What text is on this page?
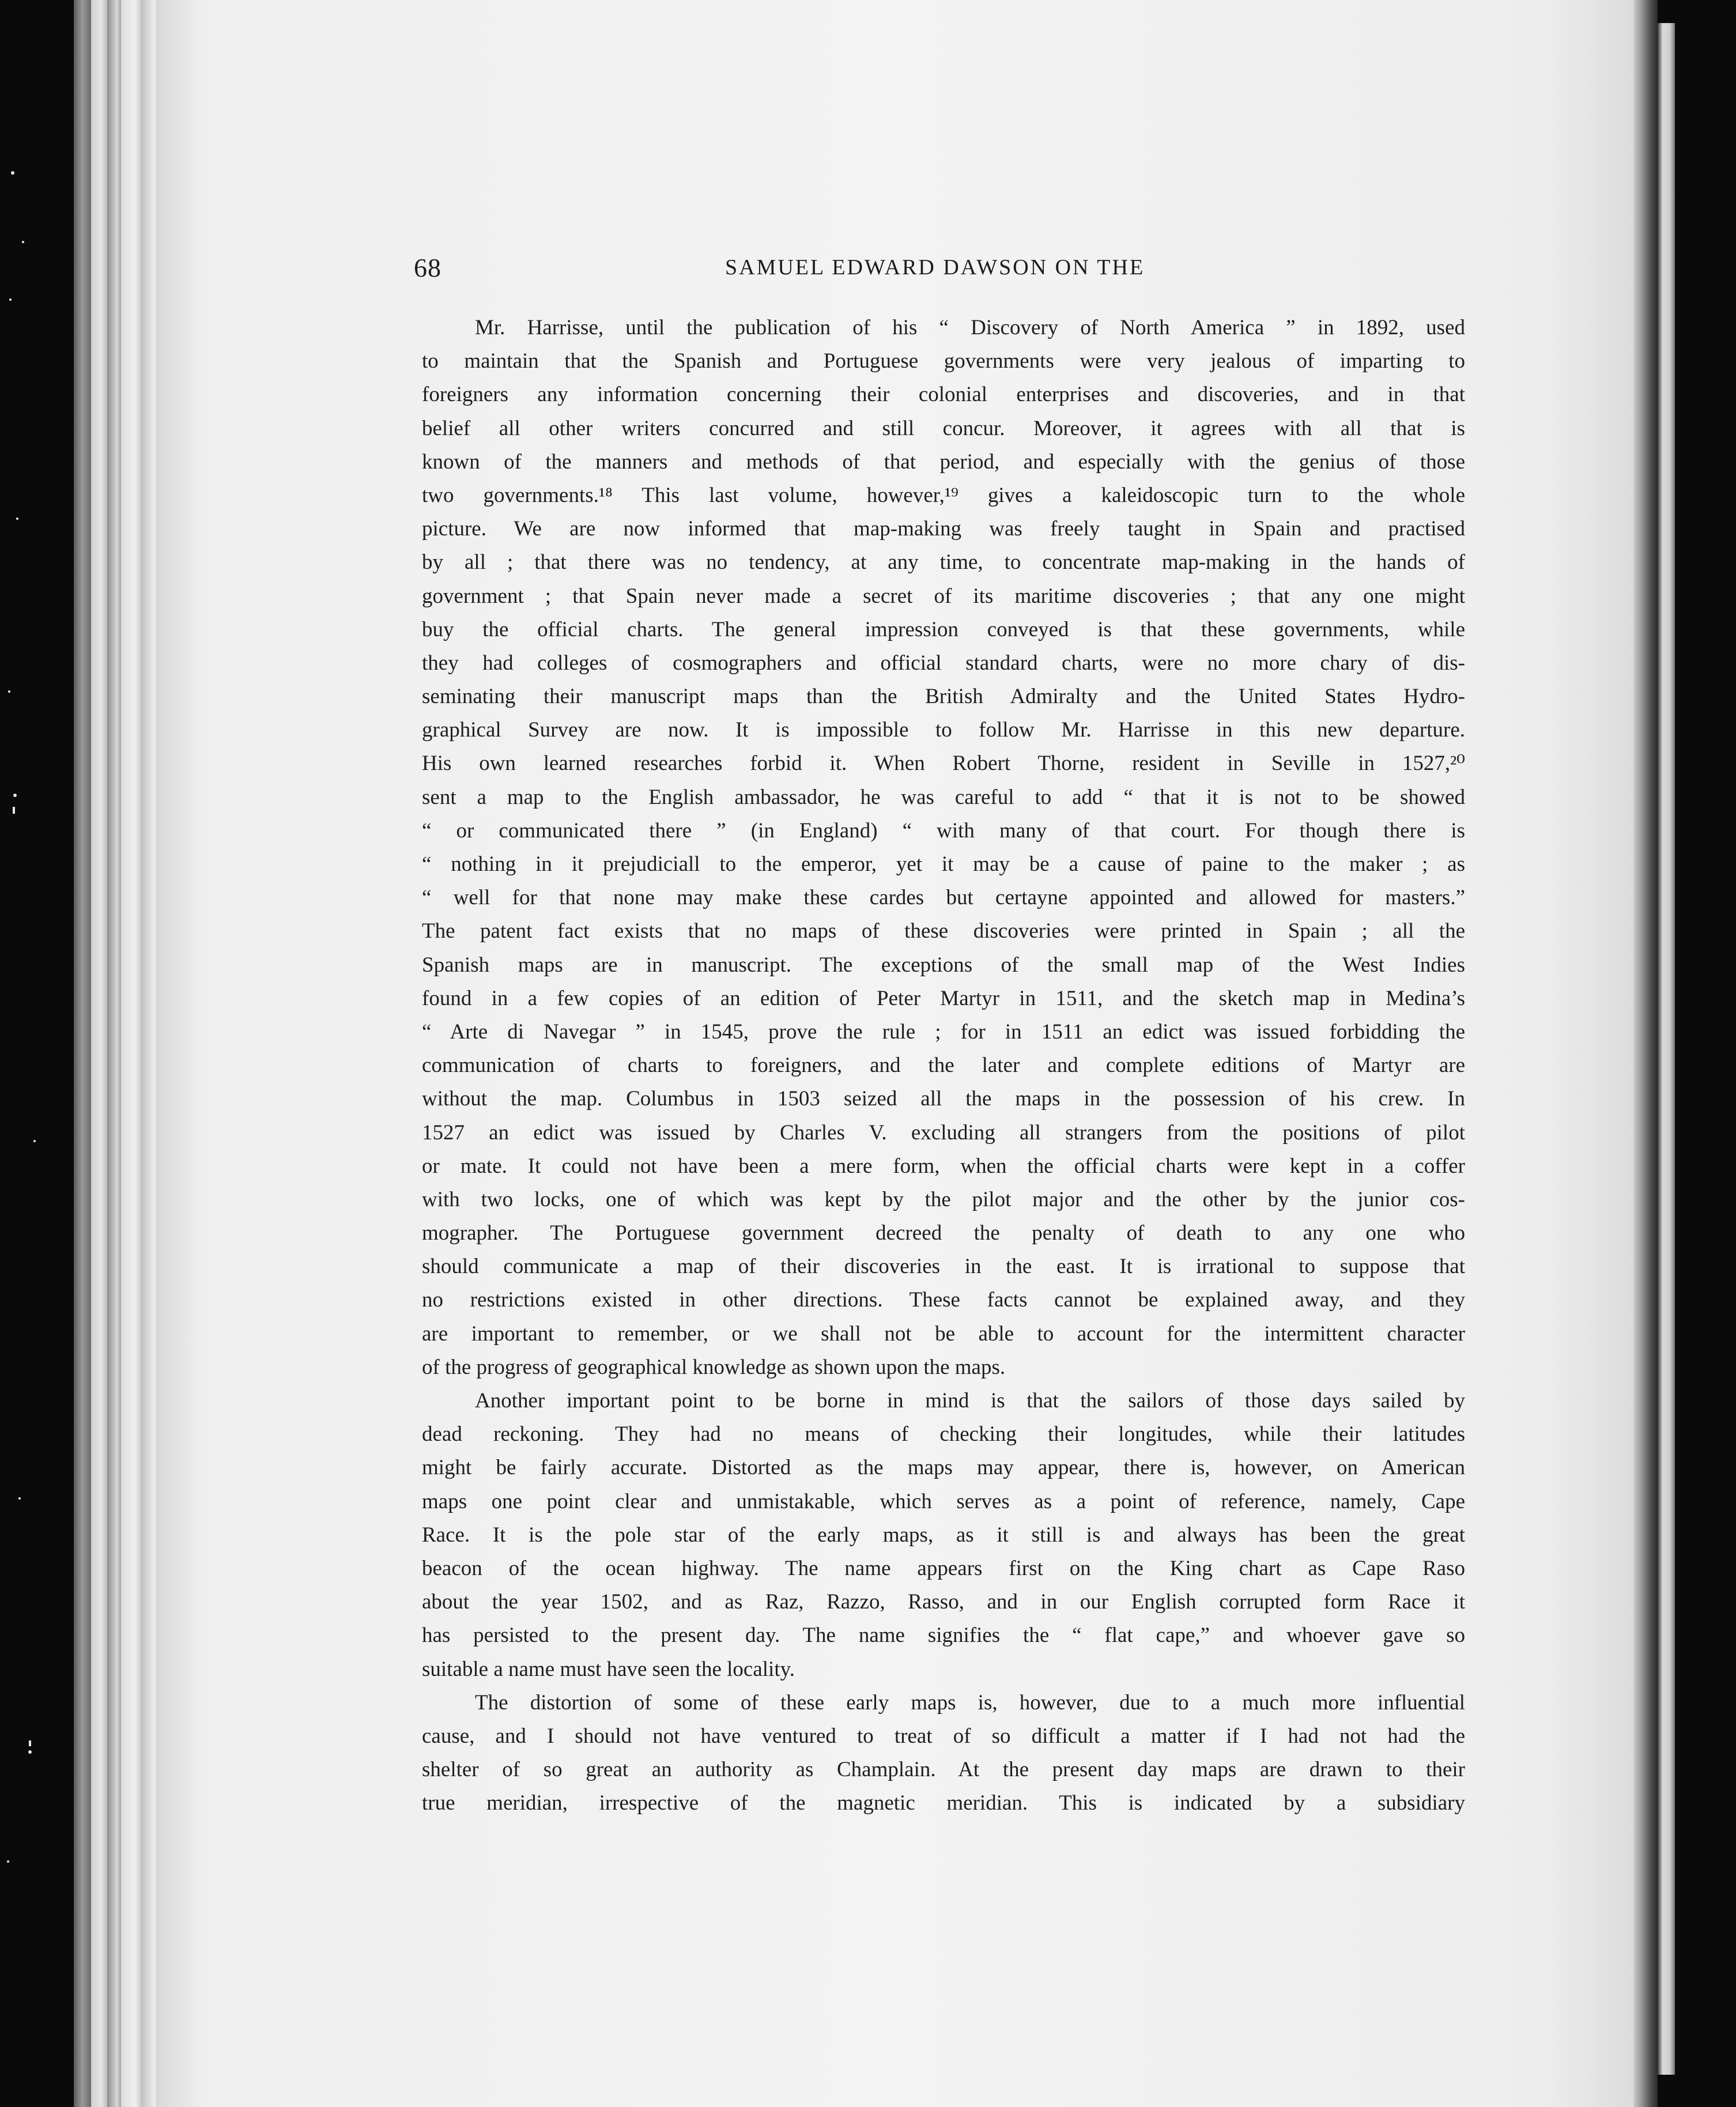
68	SAMUEL EDWARD DAWSON ON THE
Mr. Harrisse, until the publication of his “ Discovery of North America ” in 1892, used
to maintain that the Spanish and Portuguese governments were very jealous of imparting to
foreigners any information concerning their colonial enterprises and discoveries, and in that
belief all other writers concurred and still concur. Moreover, it agrees with all that is
known of the manners and methods of that period, and especially with the genius of those
two governments.¹⁸ This last volume, however,¹⁹ gives a kaleidoscopic turn to the whole
picture. We are now informed that map-making was freely taught in Spain and practised
by all ; that there was no tendency, at any time, to concentrate map-making in the hands of
government ; that Spain never made a secret of its maritime discoveries ; that any one might
buy the official charts. The general impression conveyed is that these governments, while
they had colleges of cosmographers and official standard charts, were no more chary of dis-
seminating their manuscript maps than the British Admiralty and the United States Hydro-
graphical Survey are now. It is impossible to follow Mr. Harrisse in this new departure.
His own learned researches forbid it. When Robert Thorne, resident in Seville in 1527,²⁰
sent a map to the English ambassador, he was careful to add “ that it is not to be showed
“ or communicated there ” (in England) “ with many of that court. For though there is
“ nothing in it prejudiciall to the emperor, yet it may be a cause of paine to the maker ; as
“ well for that none may make these cardes but certayne appointed and allowed for masters.”
The patent fact exists that no maps of these discoveries were printed in Spain ; all the
Spanish maps are in manuscript. The exceptions of the small map of the West Indies
found in a few copies of an edition of Peter Martyr in 1511, and the sketch map in Medina’s
“ Arte di Navegar ” in 1545, prove the rule ; for in 1511 an edict was issued forbidding the
communication of charts to foreigners, and the later and complete editions of Martyr are
without the map. Columbus in 1503 seized all the maps in the possession of his crew. In
1527 an edict was issued by Charles V. excluding all strangers from the positions of pilot
or mate. It could not have been a mere form, when the official charts were kept in a coffer
with two locks, one of which was kept by the pilot major and the other by the junior cos-
mographer. The Portuguese government decreed the penalty of death to any one who
should communicate a map of their discoveries in the east. It is irrational to suppose that
no restrictions existed in other directions. These facts cannot be explained away, and they
are important to remember, or we shall not be able to account for the intermittent character
of the progress of geographical knowledge as shown upon the maps.
Another important point to be borne in mind is that the sailors of those days sailed by
dead reckoning. They had no means of checking their longitudes, while their latitudes
might be fairly accurate. Distorted as the maps may appear, there is, however, on American
maps one point clear and unmistakable, which serves as a point of reference, namely, Cape
Race. It is the pole star of the early maps, as it still is and always has been the great
beacon of the ocean highway. The name appears first on the King chart as Cape Raso
about the year 1502, and as Raz, Razzo, Rasso, and in our English corrupted form Race it
has persisted to the present day. The name signifies the “ flat cape,” and whoever gave so
suitable a name must have seen the locality.
The distortion of some of these early maps is, however, due to a much more influential
cause, and I should not have ventured to treat of so difficult a matter if I had not had the
shelter of so great an authority as Champlain. At the present day maps are drawn to their
true meridian, irrespective of the magnetic meridian. This is indicated by a subsidiary
